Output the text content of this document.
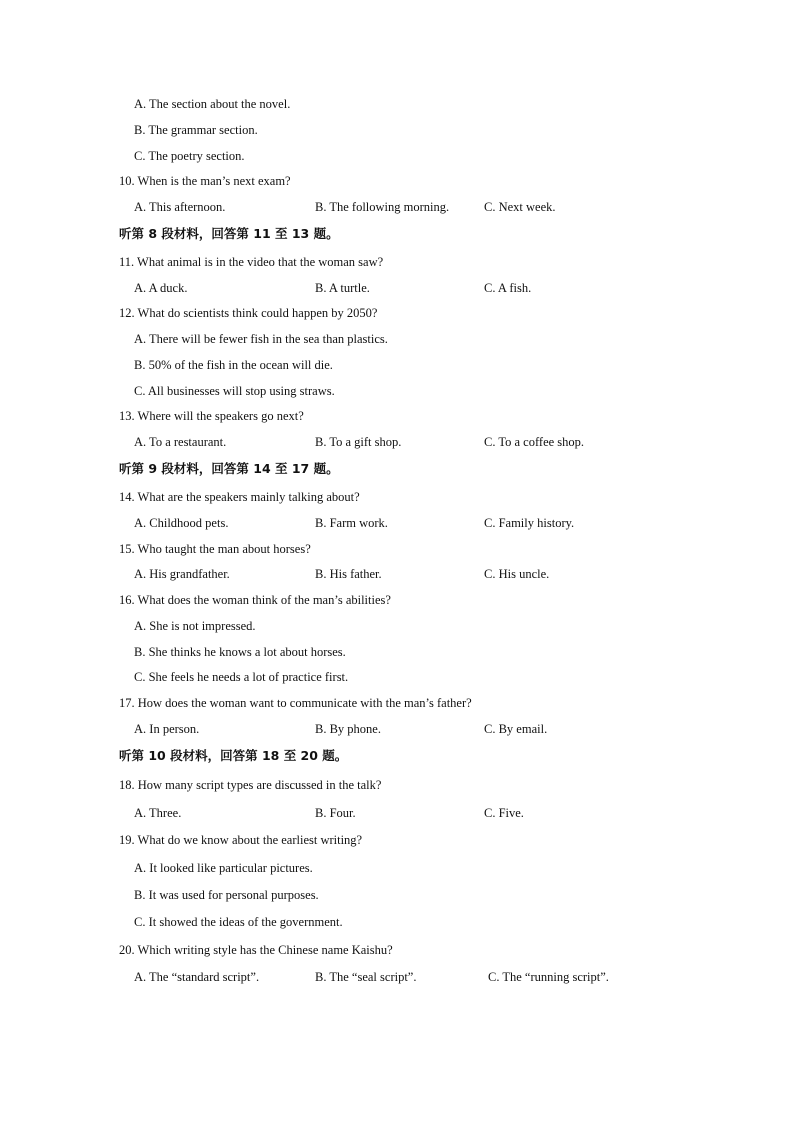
A. The section about the novel.
B. The grammar section.
C. The poetry section.
10. When is the man’s next exam?
A. This afternoon.	B. The following morning.	C. Next week.
听第 8 段材料，回答第 11 至 13 题。
11. What animal is in the video that the woman saw?
A. A duck.	B. A turtle.	C. A fish.
12. What do scientists think could happen by 2050?
A. There will be fewer fish in the sea than plastics.
B. 50% of the fish in the ocean will die.
C. All businesses will stop using straws.
13. Where will the speakers go next?
A. To a restaurant.	B. To a gift shop.	C. To a coffee shop.
听第 9 段材料，回答第 14 至 17 题。
14. What are the speakers mainly talking about?
A. Childhood pets.	B. Farm work.	C. Family history.
15. Who taught the man about horses?
A. His grandfather.	B. His father.	C. His uncle.
16. What does the woman think of the man’s abilities?
A. She is not impressed.
B. She thinks he knows a lot about horses.
C. She feels he needs a lot of practice first.
17. How does the woman want to communicate with the man’s father?
A. In person.	B. By phone.	C. By email.
听第 10 段材料，回答第 18 至 20 题。
18. How many script types are discussed in the talk?
A. Three.	B. Four.	C. Five.
19. What do we know about the earliest writing?
A. It looked like particular pictures.
B. It was used for personal purposes.
C. It showed the ideas of the government.
20. Which writing style has the Chinese name Kaishu?
A. The “standard script”.	B. The “seal script”.	C. The “running script”.
